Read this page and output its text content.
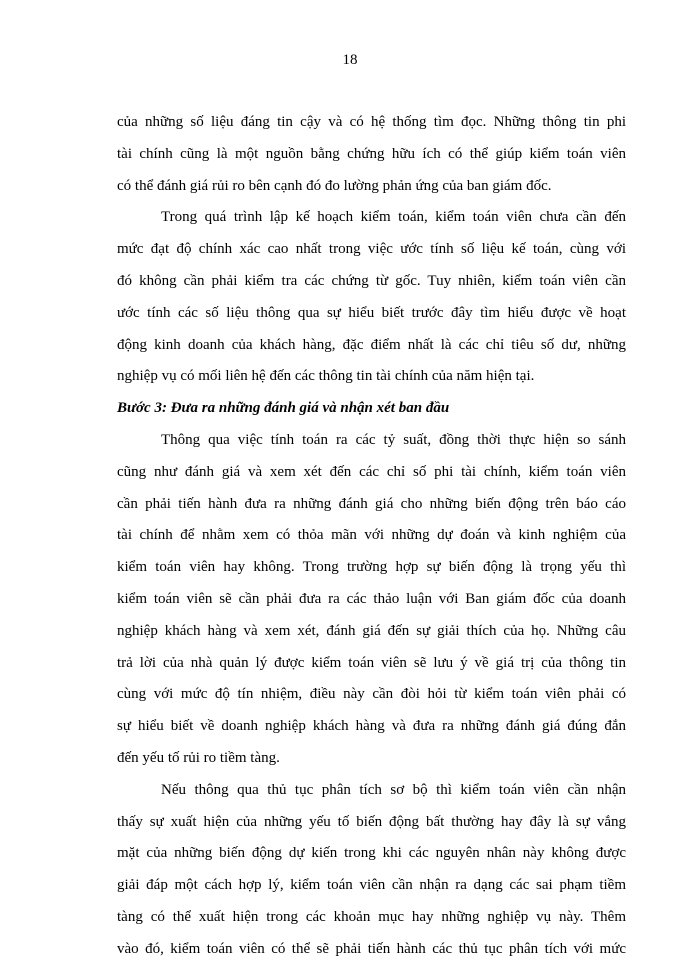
18
của những số liệu đáng tin cậy và có hệ thống tìm đọc. Những thông tin phi
tài chính cũng là một nguồn bằng chứng hữu ích có thể giúp kiểm toán viên
có thể đánh giá rủi ro bên cạnh đó đo lường phản ứng của ban giám đốc.
Trong quá trình lập kế hoạch kiểm toán, kiểm toán viên chưa cần đến
mức đạt độ chính xác cao nhất trong việc ước tính số liệu kế toán, cùng với
đó không cần phải kiểm tra các chứng từ gốc. Tuy nhiên, kiểm toán viên cần
ước tính các số liệu thông qua sự hiểu biết trước đây tìm hiểu được về hoạt
động kinh doanh của khách hàng, đặc điểm nhất là các chỉ tiêu số dư, những
nghiệp vụ có mối liên hệ đến các thông tin tài chính của năm hiện tại.
Bước 3: Đưa ra những đánh giá và nhận xét ban đầu
Thông qua việc tính toán ra các tỷ suất, đồng thời thực hiện so sánh
cũng như đánh giá và xem xét đến các chỉ số phi tài chính, kiểm toán viên
cần phải tiến hành đưa ra những đánh giá cho những biến động trên báo cáo
tài chính để nhằm xem có thỏa mãn với những dự đoán và kinh nghiệm của
kiểm toán viên hay không. Trong trường hợp sự biến động là trọng yếu thì
kiểm toán viên sẽ cần phải đưa ra các thảo luận với Ban giám đốc của doanh
nghiệp khách hàng và xem xét, đánh giá đến sự giải thích của họ. Những câu
trả lời của nhà quản lý được kiểm toán viên sẽ lưu ý về giá trị của thông tin
cùng với mức độ tín nhiệm, điều này cần đòi hỏi từ kiểm toán viên phải có
sự hiểu biết về doanh nghiệp khách hàng và đưa ra những đánh giá đúng đắn
đến yếu tố rủi ro tiềm tàng.
Nếu thông qua thủ tục phân tích sơ bộ thì kiểm toán viên cần nhận
thấy sự xuất hiện của những yếu tố biến động bất thường hay đây là sự vắng
mặt của những biến động dự kiến trong khi các nguyên nhân này không được
giải đáp một cách hợp lý, kiểm toán viên cần nhận ra dạng các sai phạm tiềm
tàng có thể xuất hiện trong các khoản mục hay những nghiệp vụ này. Thêm
vào đó, kiểm toán viên có thể sẽ phải tiến hành các thủ tục phân tích với mức
